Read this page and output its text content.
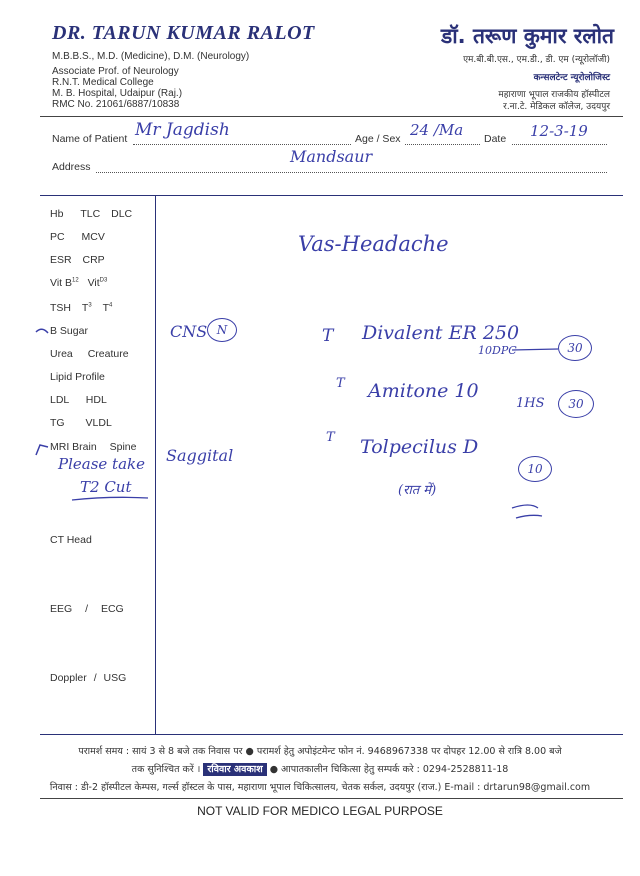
DR. TARUN KUMAR RALOT
M.B.B.S., M.D. (Medicine), D.M. (Neurology)
Associate Prof. of Neurology
R.N.T. Medical College
M. B. Hospital, Udaipur (Raj.)
RMC No. 21061/6887/10838
डॉ. तरूण कुमार रलोत
एम.बी.बी.एस., एम.डी., डी. एम (न्यूरोलॉजी)
कन्सलटेन्ट न्यूरोलोजिस्ट
महाराणा भूपाल राजकीय हॉस्पीटल
र.ना.टे. मेडिकल कॉलेज, उदयपुर
Name of Patient Mr Jagdish	Age / Sex 24 /Ma Date 12-3-19
Address
Mandsaur
Hb TLC DLC
PC MCV
ESR CRP
Vit $B^{12}$ Vit$^{D3}$
TSH $T^3$ $T^4$
B Sugar
Urea Creature
Lipid Profile
LDL HDL
TG VLDL
MRI Brain Spine
CT Head
EEG / ECG
Doppler / USG
Please take
T2 Cut
Saggital
Vas-Headache
CNS N	T Divalent ER 250
10DPC	30
T Amitone 10
1HS	30
T Tolpecilus D
10
(रात में)
परामर्श समय : सायं 3 से 8 बजे तक निवास पर ● परामर्श हेतु अपोइंटमेन्ट फोन नं. 9468967338 पर दोपहर 12.00 से रात्रि 8.00 बजे
तक सुनिश्चित करें । रविवार अवकाश ● आपातकालीन चिकित्सा हेतु सम्पर्क करे : 0294-2528811-18
निवास : डी-2 हॉस्पीटल केम्पस, गर्ल्स हॉस्टल के पास, महाराणा भूपाल चिकित्सालय, चेतक सर्कल, उदयपुर (राज.) E-mail : drtarun98@gmail.com
NOT VALID FOR MEDICO LEGAL PURPOSE
